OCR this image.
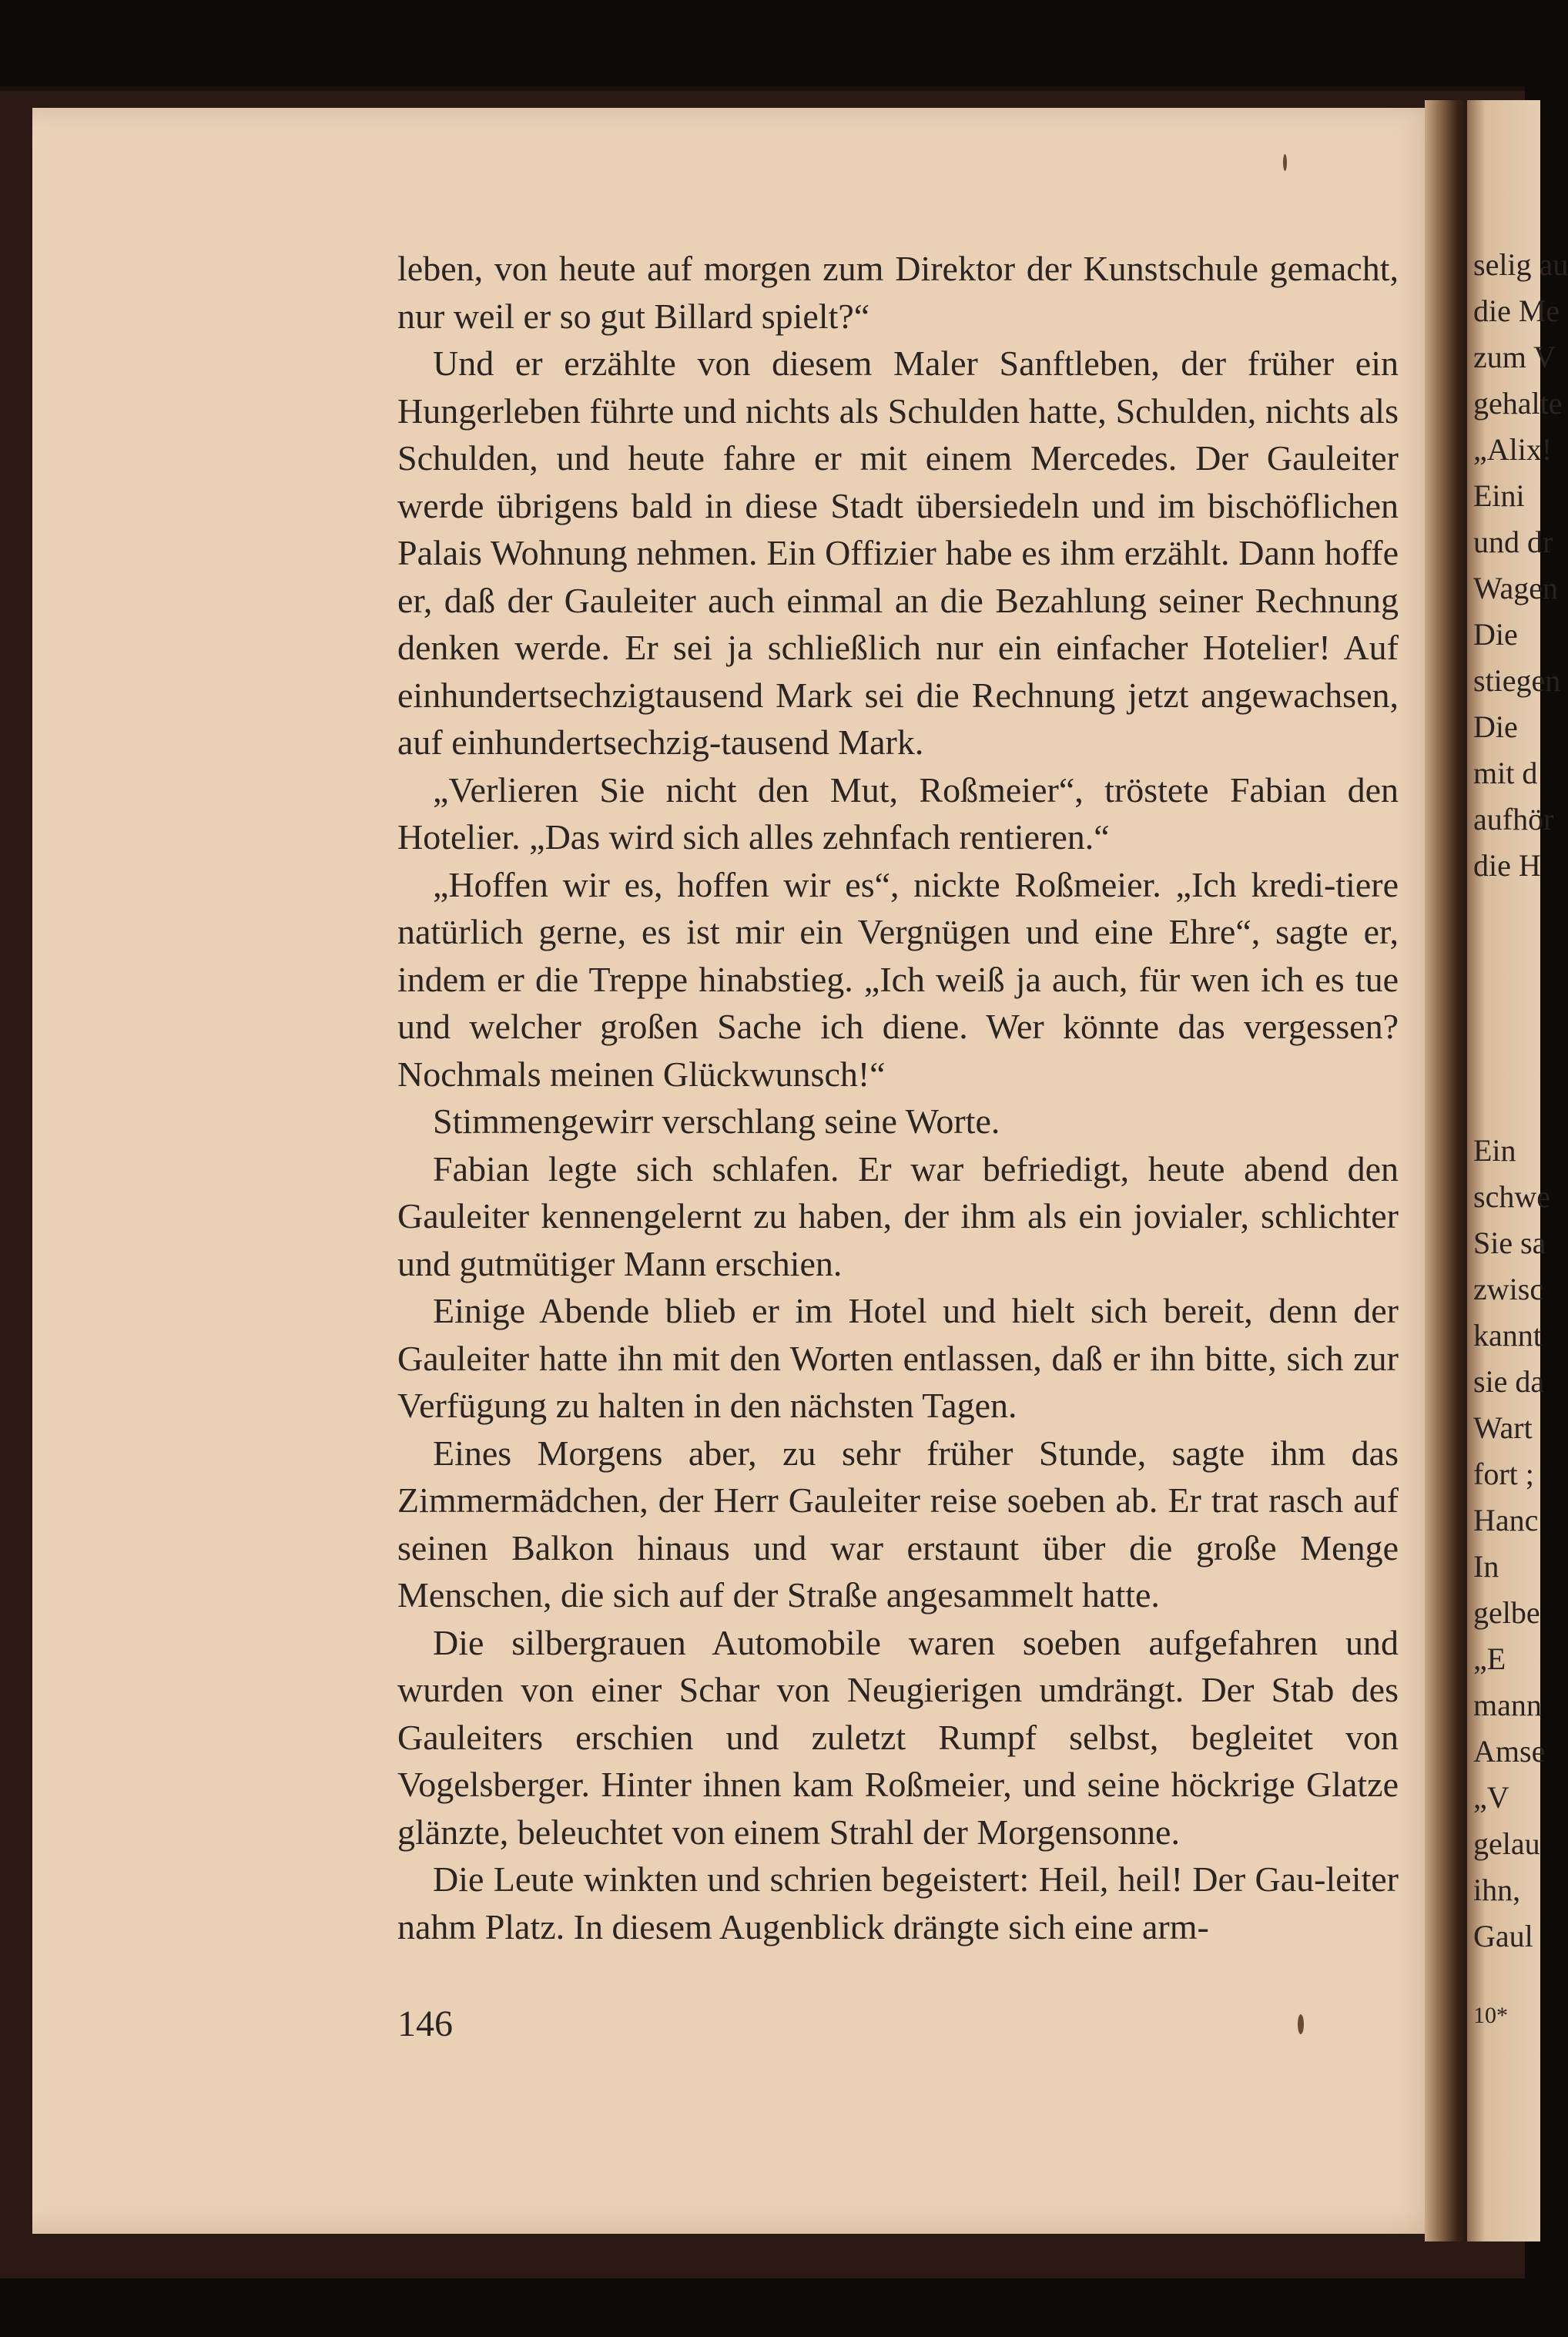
leben, von heute auf morgen zum Direktor der Kunstschule gemacht, nur weil er so gut Billard spielt?“

Und er erzählte von diesem Maler Sanftleben, der früher ein Hungerleben führte und nichts als Schulden hatte, Schulden, nichts als Schulden, und heute fahre er mit einem Mercedes. Der Gauleiter werde übrigens bald in diese Stadt übersiedeln und im bischöflichen Palais Wohnung nehmen. Ein Offizier habe es ihm erzählt. Dann hoffe er, daß der Gauleiter auch einmal an die Bezahlung seiner Rechnung denken werde. Er sei ja schließlich nur ein einfacher Hotelier! Auf einhundertsechzigtausend Mark sei die Rechnung jetzt angewachsen, auf einhundertsechzig-tausend Mark.

„Verlieren Sie nicht den Mut, Roßmeier“, tröstete Fabian den Hotelier. „Das wird sich alles zehnfach rentieren.“

„Hoffen wir es, hoffen wir es“, nickte Roßmeier. „Ich kredi-tiere natürlich gerne, es ist mir ein Vergnügen und eine Ehre“, sagte er, indem er die Treppe hinabstieg. „Ich weiß ja auch, für wen ich es tue und welcher großen Sache ich diene. Wer könnte das vergessen? Nochmals meinen Glückwunsch!“

Stimmengewirr verschlang seine Worte.

Fabian legte sich schlafen. Er war befriedigt, heute abend den Gauleiter kennengelernt zu haben, der ihm als ein jovialer, schlichter und gutmütiger Mann erschien.

Einige Abende blieb er im Hotel und hielt sich bereit, denn der Gauleiter hatte ihn mit den Worten entlassen, daß er ihn bitte, sich zur Verfügung zu halten in den nächsten Tagen.

Eines Morgens aber, zu sehr früher Stunde, sagte ihm das Zimmermädchen, der Herr Gauleiter reise soeben ab. Er trat rasch auf seinen Balkon hinaus und war erstaunt über die große Menge Menschen, die sich auf der Straße angesammelt hatte.

Die silbergrauen Automobile waren soeben aufgefahren und wurden von einer Schar von Neugierigen umdrängt. Der Stab des Gauleiters erschien und zuletzt Rumpf selbst, begleitet von Vogelsberger. Hinter ihnen kam Roßmeier, und seine höckrige Glatze glänzte, beleuchtet von einem Strahl der Morgensonne.

Die Leute winkten und schrien begeistert: Heil, heil! Der Gau-leiter nahm Platz. In diesem Augenblick drängte sich eine arm-

146
selig au
die Me
zum V
gehalte
„Alix!
Eini
und dr
Wagen
Die
stiegen
Die
mit d
aufhör
die H
Ein
schwe
Sie sa
zwisc
kannt
sie da
Wart
fort ;
Hanc
In
gelbe
„E
mann
Amse
„V
gelau
ihn,
Gaul
10*
